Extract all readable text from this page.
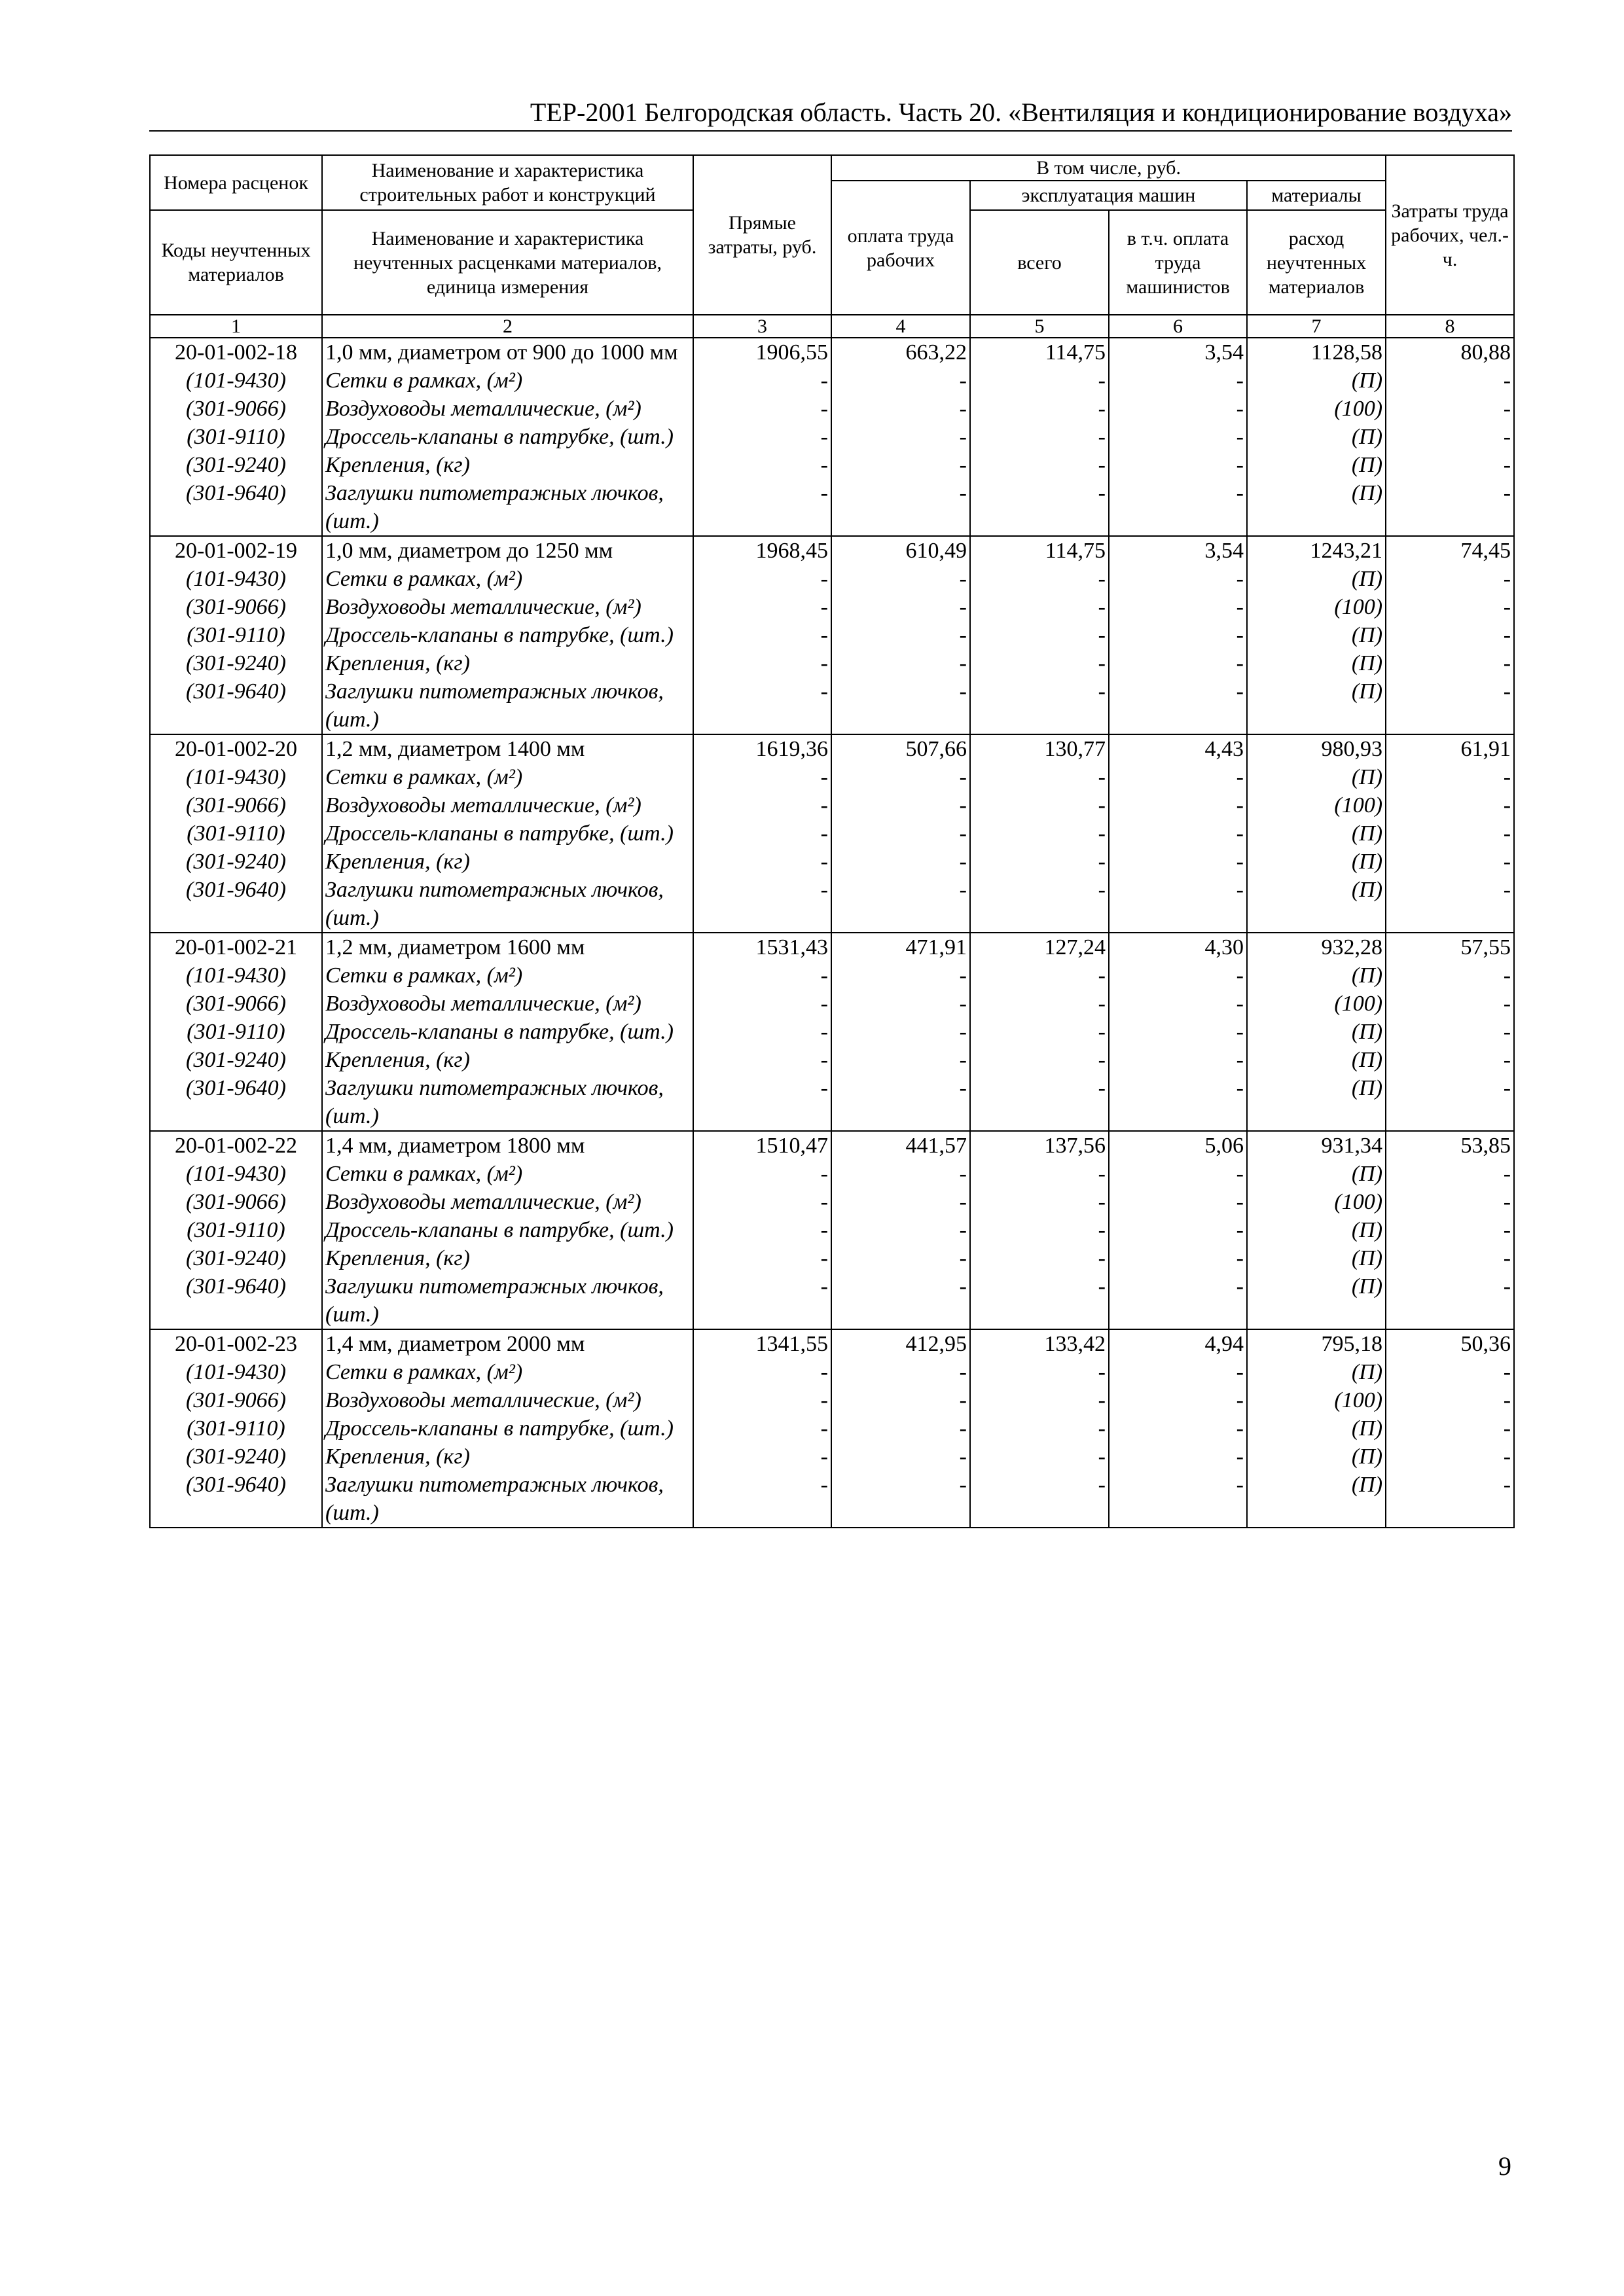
ТЕР-2001 Белгородская область. Часть 20. «Вентиляция и кондиционирование воздуха»
Номера расценок	Наименование и характеристика строительных работ и конструкций	Прямые затраты, руб.	В том числе, руб.				Затраты труда рабочих, чел.-ч.
			оплата труда рабочих	эксплуатация машин		материалы	
Коды неучтенных материалов	Наименование и характеристика неучтенных расценками материалов, единица измерения			всего	в т.ч. оплата труда машинистов	расход неучтенных материалов	

1	2	3	4	5	6	7	8
20-01-002-18	1,0 мм, диаметром от 900 до 1000 мм	1906,55	663,22	114,75	3,54	1128,58	80,88
(101-9430)	Сетки в рамках, (м²)	-	-	-	-	(П)	-
(301-9066)	Воздуховоды металлические, (м²)	-	-	-	-	(100)	-
(301-9110)	Дроссель-клапаны в патрубке, (шт.)	-	-	-	-	(П)	-
(301-9240)	Крепления, (кг)	-	-	-	-	(П)	-
(301-9640)	Заглушки питометражных лючков, (шт.)	-	-	-	-	(П)	-
20-01-002-19	1,0 мм, диаметром до 1250 мм	1968,45	610,49	114,75	3,54	1243,21	74,45
(101-9430)	Сетки в рамках, (м²)	-	-	-	-	(П)	-
(301-9066)	Воздуховоды металлические, (м²)	-	-	-	-	(100)	-
(301-9110)	Дроссель-клапаны в патрубке, (шт.)	-	-	-	-	(П)	-
(301-9240)	Крепления, (кг)	-	-	-	-	(П)	-
(301-9640)	Заглушки питометражных лючков, (шт.)	-	-	-	-	(П)	-
20-01-002-20	1,2 мм, диаметром 1400 мм	1619,36	507,66	130,77	4,43	980,93	61,91
(101-9430)	Сетки в рамках, (м²)	-	-	-	-	(П)	-
(301-9066)	Воздуховоды металлические, (м²)	-	-	-	-	(100)	-
(301-9110)	Дроссель-клапаны в патрубке, (шт.)	-	-	-	-	(П)	-
(301-9240)	Крепления, (кг)	-	-	-	-	(П)	-
(301-9640)	Заглушки питометражных лючков, (шт.)	-	-	-	-	(П)	-
20-01-002-21	1,2 мм, диаметром 1600 мм	1531,43	471,91	127,24	4,30	932,28	57,55
(101-9430)	Сетки в рамках, (м²)	-	-	-	-	(П)	-
(301-9066)	Воздуховоды металлические, (м²)	-	-	-	-	(100)	-
(301-9110)	Дроссель-клапаны в патрубке, (шт.)	-	-	-	-	(П)	-
(301-9240)	Крепления, (кг)	-	-	-	-	(П)	-
(301-9640)	Заглушки питометражных лючков, (шт.)	-	-	-	-	(П)	-
20-01-002-22	1,4 мм, диаметром 1800 мм	1510,47	441,57	137,56	5,06	931,34	53,85
(101-9430)	Сетки в рамках, (м²)	-	-	-	-	(П)	-
(301-9066)	Воздуховоды металлические, (м²)	-	-	-	-	(100)	-
(301-9110)	Дроссель-клапаны в патрубке, (шт.)	-	-	-	-	(П)	-
(301-9240)	Крепления, (кг)	-	-	-	-	(П)	-
(301-9640)	Заглушки питометражных лючков, (шт.)	-	-	-	-	(П)	-
20-01-002-23	1,4 мм, диаметром 2000 мм	1341,55	412,95	133,42	4,94	795,18	50,36
(101-9430)	Сетки в рамках, (м²)	-	-	-	-	(П)	-
(301-9066)	Воздуховоды металлические, (м²)	-	-	-	-	(100)	-
(301-9110)	Дроссель-клапаны в патрубке, (шт.)	-	-	-	-	(П)	-
(301-9240)	Крепления, (кг)	-	-	-	-	(П)	-
(301-9640)	Заглушки питометражных лючков, (шт.)	-	-	-	-	(П)	-
9
